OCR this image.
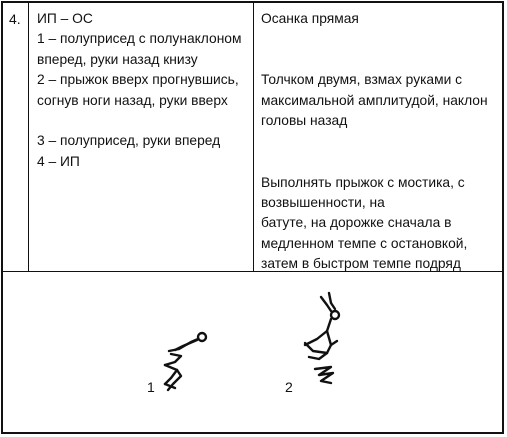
4. ИП – ОС
1 – полуприсед с полунаклоном
вперед, руки назад книзу
2 – прыжок вверх прогнувшись,
согнув ноги назад, руки вверх
3 – полуприсед, руки вперед
4 – ИП
Осанка прямая
Толчком двумя, взмах руками с максимальной амплитудой, наклон головы назад
Выполнять прыжок с мостика, с возвышенности, на
батуте, на дорожке сначала в медленном темпе с остановкой, затем в быстром темпе подряд
1	2
